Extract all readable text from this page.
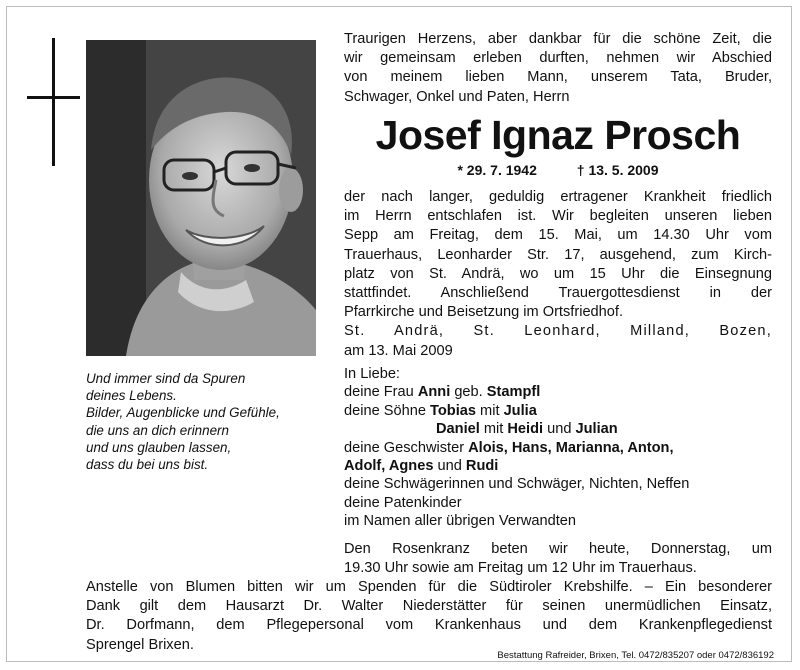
Und immer sind da Spuren
deines Lebens.
Bilder, Augenblicke und Gefühle,
die uns an dich erinnern
und uns glauben lassen,
dass du bei uns bist.
Traurigen Herzens, aber dankbar für die schöne Zeit, die
wir gemeinsam erleben durften, nehmen wir Abschied
von meinem lieben Mann, unserem Tata, Bruder,
Schwager, Onkel und Paten, Herrn
Josef Ignaz Prosch
* 29. 7. 1942	† 13. 5. 2009
der nach langer, geduldig ertragener Krankheit friedlich
im Herrn entschlafen ist. Wir begleiten unseren lieben
Sepp am Freitag, dem 15. Mai, um 14.30 Uhr vom
Trauerhaus, Leonharder Str. 17, ausgehend, zum Kirch-
platz von St. Andrä, wo um 15 Uhr die Einsegnung
stattfindet. Anschließend Trauergottesdienst in der
Pfarrkirche und Beisetzung im Ortsfriedhof.
St. Andrä, St. Leonhard, Milland, Bozen,
am 13. Mai 2009
In Liebe:
deine Frau Anni geb. Stampfl
deine Söhne Tobias mit Julia
Daniel mit Heidi und Julian
deine Geschwister Alois, Hans, Marianna, Anton,
Adolf, Agnes und Rudi
deine Schwägerinnen und Schwäger, Nichten, Neffen
deine Patenkinder
im Namen aller übrigen Verwandten
Den Rosenkranz beten wir heute, Donnerstag, um
19.30 Uhr sowie am Freitag um 12 Uhr im Trauerhaus.
Anstelle von Blumen bitten wir um Spenden für die Südtiroler Krebshilfe. – Ein besonderer
Dank gilt dem Hausarzt Dr. Walter Niederstätter für seinen unermüdlichen Einsatz,
Dr. Dorfmann, dem Pflegepersonal vom Krankenhaus und dem Krankenpflegedienst
Sprengel Brixen.
Bestattung Rafreider, Brixen, Tel. 0472/835207 oder 0472/836192
